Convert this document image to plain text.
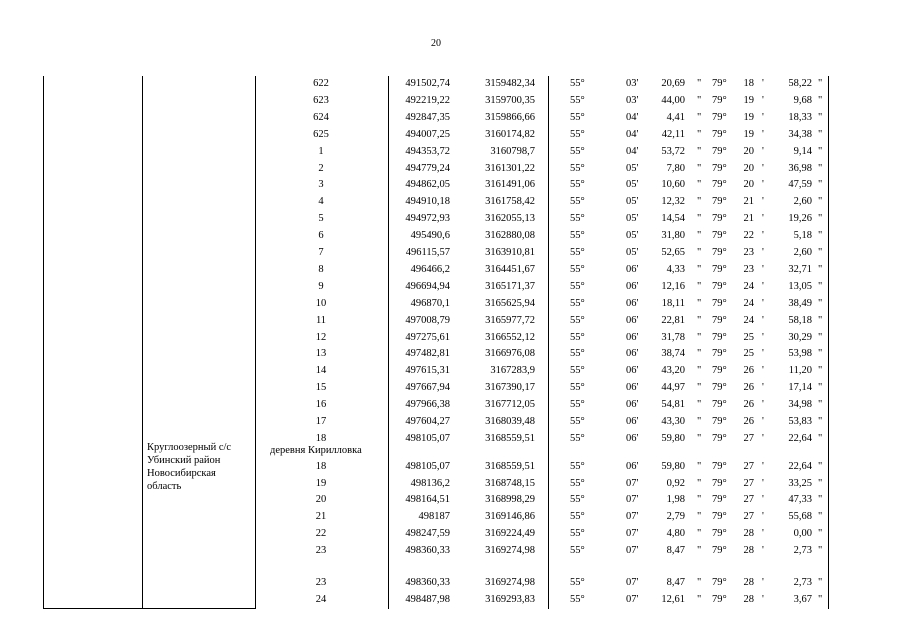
20
Круглоозерный с/с
Убинский район
Новосибирская
область
деревня Кирилловка
622	491502,74	3159482,34	55°	03'	20,69 "	79°	18 '	58,22 "
623	492219,22	3159700,35	55°	03'	44,00 "	79°	19 '	9,68 "
624	492847,35	3159866,66	55°	04'	4,41 "	79°	19 '	18,33 "
625	494007,25	3160174,82	55°	04'	42,11 "	79°	19 '	34,38 "
1	494353,72	3160798,7	55°	04'	53,72 "	79°	20 '	9,14 "
2	494779,24	3161301,22	55°	05'	7,80 "	79°	20 '	36,98 "
3	494862,05	3161491,06	55°	05'	10,60 "	79°	20 '	47,59 "
4	494910,18	3161758,42	55°	05'	12,32 "	79°	21 '	2,60 "
5	494972,93	3162055,13	55°	05'	14,54 "	79°	21 '	19,26 "
6	495490,6	3162880,08	55°	05'	31,80 "	79°	22 '	5,18 "
7	496115,57	3163910,81	55°	05'	52,65 "	79°	23 '	2,60 "
8	496466,2	3164451,67	55°	06'	4,33 "	79°	23 '	32,71 "
9	496694,94	3165171,37	55°	06'	12,16 "	79°	24 '	13,05 "
10	496870,1	3165625,94	55°	06'	18,11 "	79°	24 '	38,49 "
11	497008,79	3165977,72	55°	06'	22,81 "	79°	24 '	58,18 "
12	497275,61	3166552,12	55°	06'	31,78 "	79°	25 '	30,29 "
13	497482,81	3166976,08	55°	06'	38,74 "	79°	25 '	53,98 "
14	497615,31	3167283,9	55°	06'	43,20 "	79°	26 '	11,20 "
15	497667,94	3167390,17	55°	06'	44,97 "	79°	26 '	17,14 "
16	497966,38	3167712,05	55°	06'	54,81 "	79°	26 '	34,98 "
17	497604,27	3168039,48	55°	06'	43,30 "	79°	26 '	53,83 "
18	498105,07	3168559,51	55°	06'	59,80 "	79°	27 '	22,64 "
18	498105,07	3168559,51	55°	06'	59,80 "	79°	27 '	22,64 "
19	498136,2	3168748,15	55°	07'	0,92 "	79°	27 '	33,25 "
20	498164,51	3168998,29	55°	07'	1,98 "	79°	27 '	47,33 "
21	498187	3169146,86	55°	07'	2,79 "	79°	27 '	55,68 "
22	498247,59	3169224,49	55°	07'	4,80 "	79°	28 '	0,00 "
23	498360,33	3169274,98	55°	07'	8,47 "	79°	28 '	2,73 "
23	498360,33	3169274,98	55°	07'	8,47 "	79°	28 '	2,73 "
24	498487,98	3169293,83	55°	07'	12,61 "	79°	28 '	3,67 "
